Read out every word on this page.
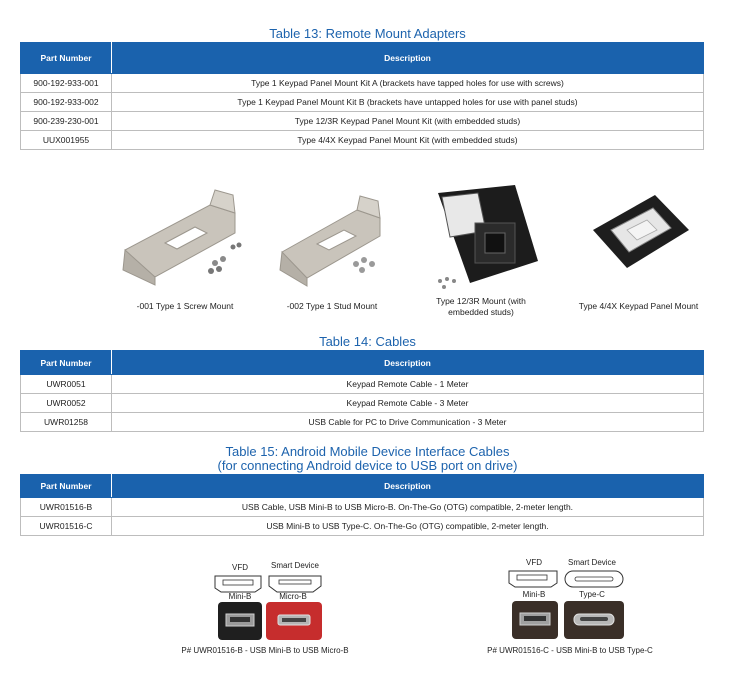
Table 13: Remote Mount Adapters
Part Number	Description
900-192-933-001	Type 1 Keypad Panel Mount Kit A (brackets have tapped holes for use with screws)
900-192-933-002	Type 1 Keypad Panel Mount Kit B (brackets have untapped holes for use with panel studs)
900-239-230-001	Type 12/3R Keypad Panel Mount Kit (with embedded studs)
UUX001955	Type 4/4X Keypad Panel Mount Kit (with embedded studs)
-001 Type 1 Screw Mount	-002 Type 1 Stud Mount	Type 12/3R Mount (with embedded studs)
Type 4/4X Keypad Panel Mount
Table 14: Cables
Part Number	Description
UWR0051	Keypad Remote Cable - 1 Meter
UWR0052	Keypad Remote Cable - 3 Meter
UWR01258	USB Cable for PC to Drive Communication - 3 Meter
Table 15: Android Mobile Device Interface Cables
(for connecting Android device to USB port on drive)
Part Number	Description
UWR01516-B	USB Cable, USB Mini-B to USB Micro-B. On-The-Go (OTG) compatible, 2-meter length.
UWR01516-C	USB Mini-B to USB Type-C. On-The-Go (OTG) compatible, 2-meter length.
VFD	Smart Device
Mini-B	Micro-B
P# UWR01516-B - USB Mini-B to USB Micro-B
VFD	Smart Device
Mini-B	Type-C
P# UWR01516-C - USB Mini-B to USB Type-C
